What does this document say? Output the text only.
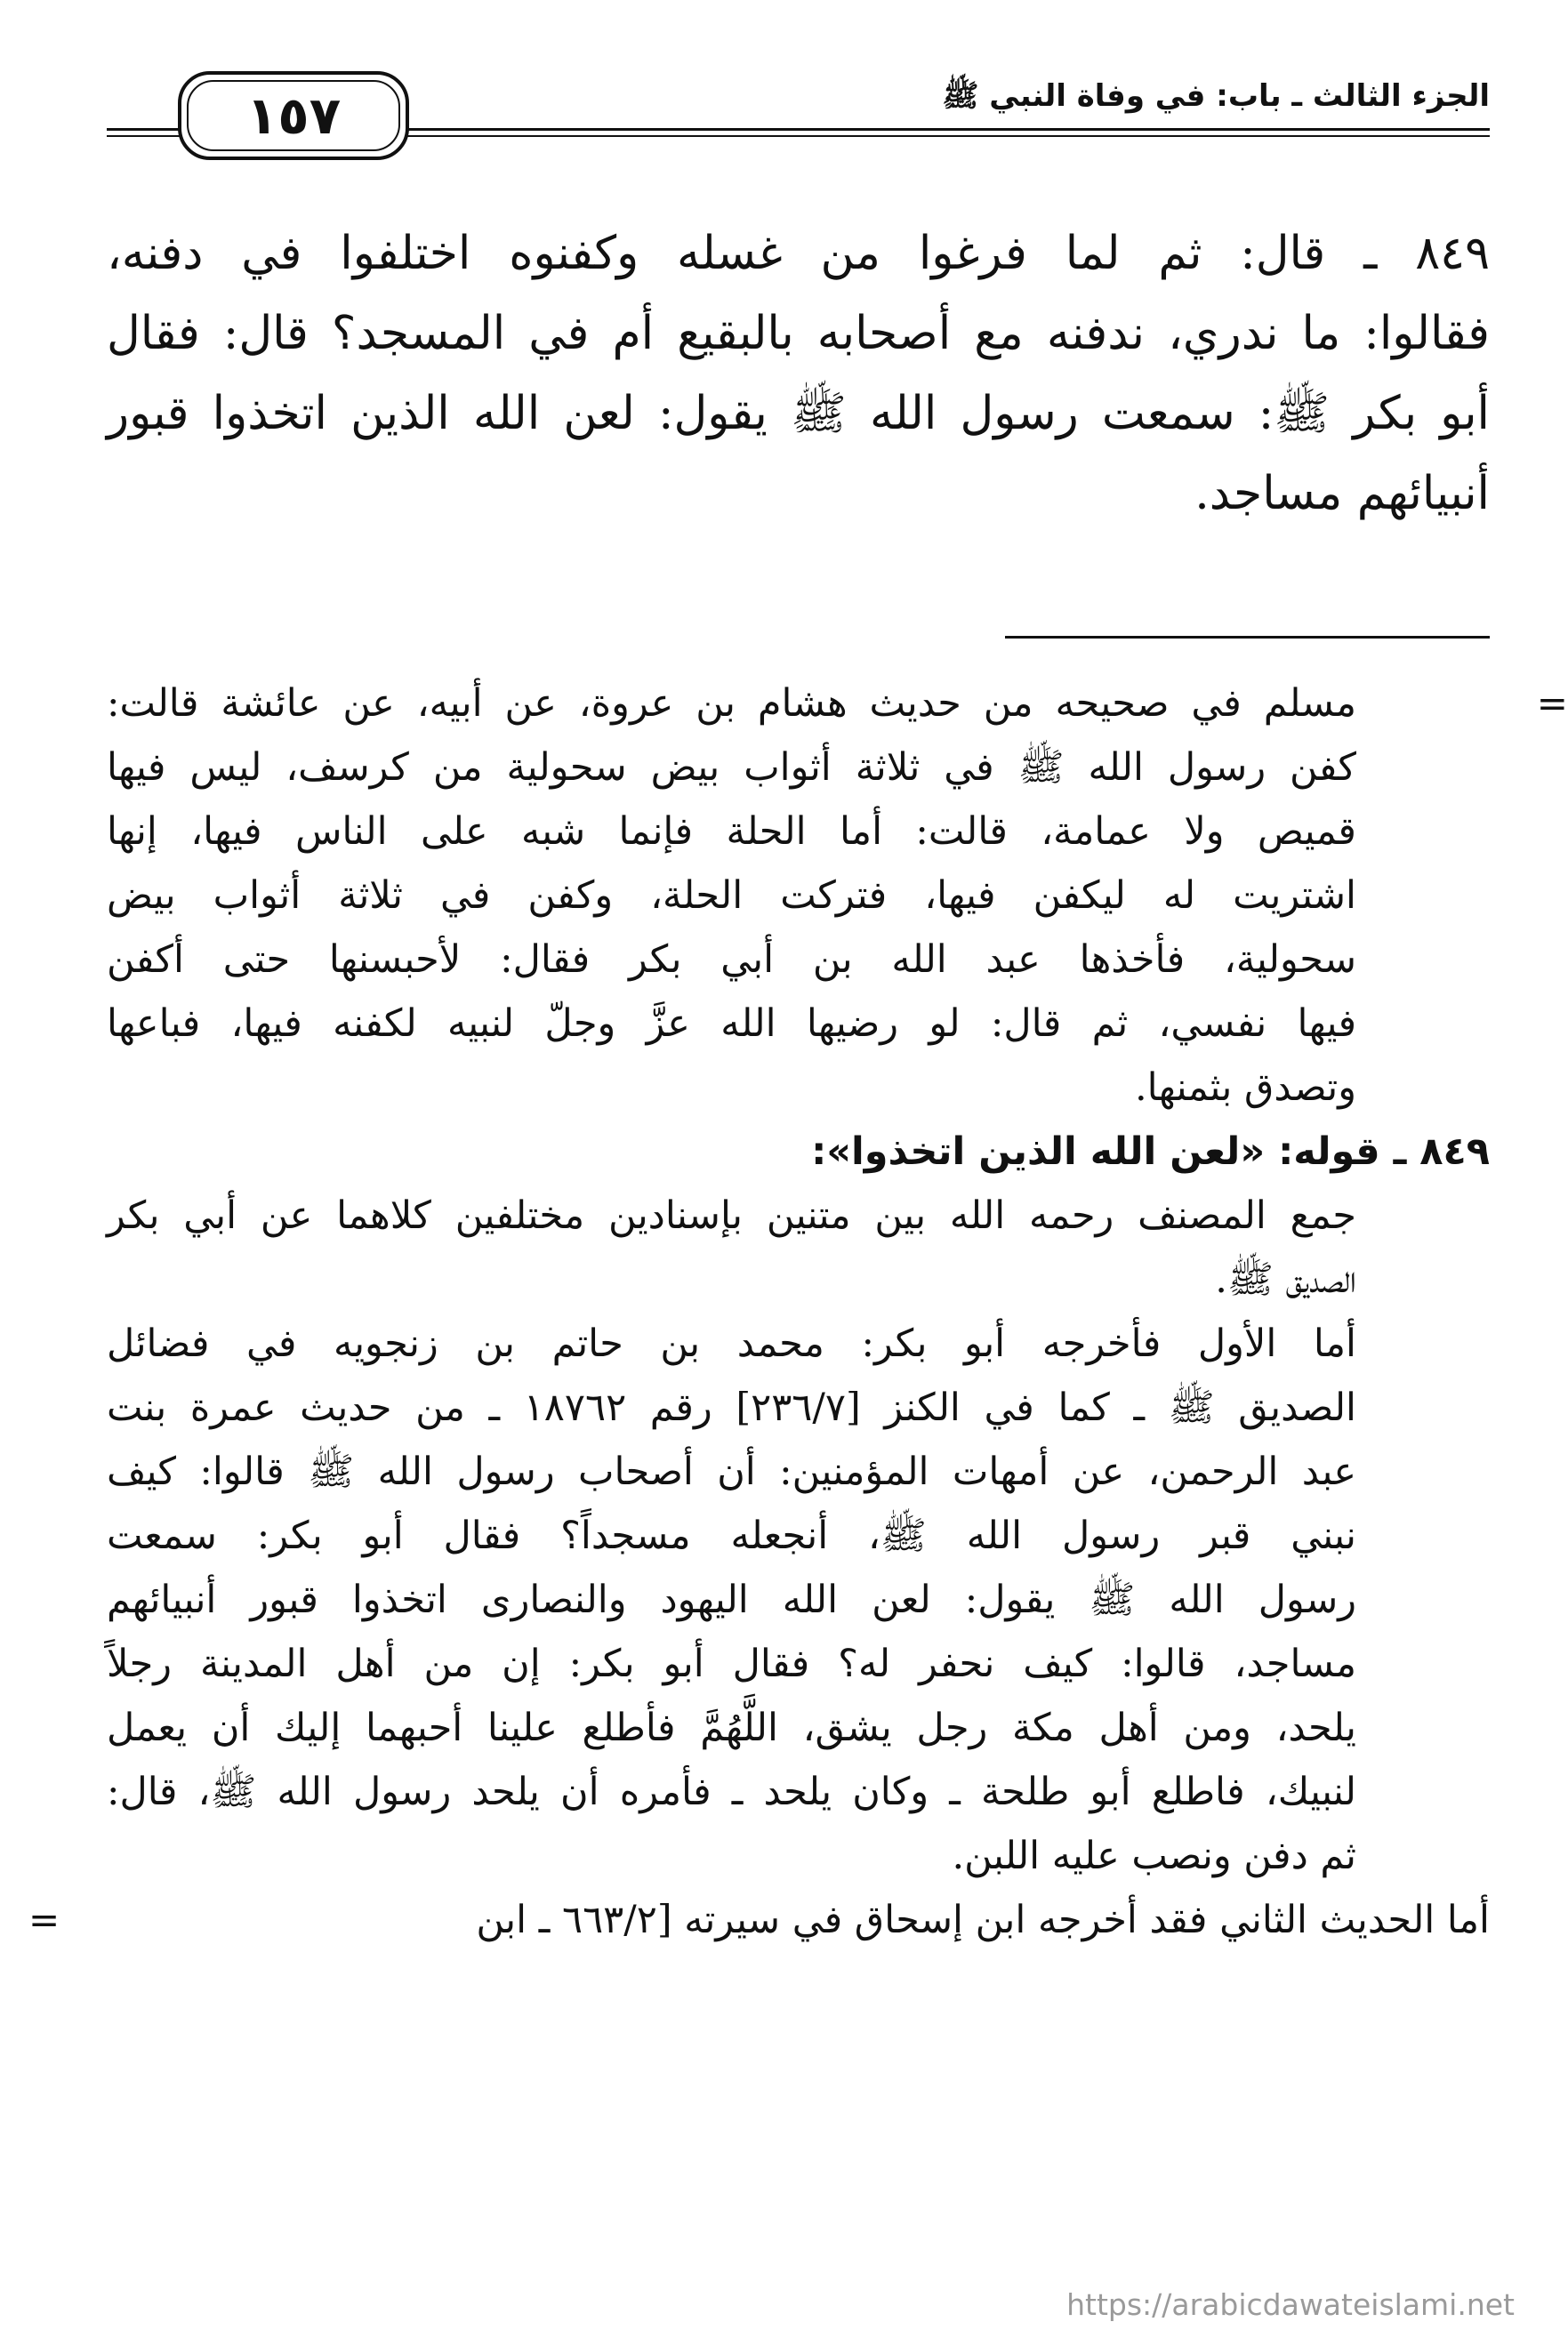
الجزء الثالث ـ باب: في وفاة النبي ﷺ
١٥٧
٨٤٩ ـ قال: ثم لما فرغوا من غسله وكفنوه اختلفوا في دفنه،
فقالوا: ما ندري، ندفنه مع أصحابه بالبقيع أم في المسجد؟ قال: فقال
أبو بكر ﷺ: سمعت رسول الله ﷺ يقول: لعن الله الذين اتخذوا قبور
أنبيائهم مساجد.
=
مسلم في صحيحه من حديث هشام بن عروة، عن أبيه، عن عائشة قالت:
كفن رسول الله ﷺ في ثلاثة أثواب بيض سحولية من كرسف، ليس فيها
قميص ولا عمامة، قالت: أما الحلة فإنما شبه على الناس فيها، إنها
اشتريت له ليكفن فيها، فتركت الحلة، وكفن في ثلاثة أثواب بيض
سحولية، فأخذها عبد الله بن أبي بكر فقال: لأحبسنها حتى أكفن
فيها نفسي، ثم قال: لو رضيها الله عزَّ وجلّ لنبيه لكفنه فيها، فباعها
وتصدق بثمنها.
٨٤٩ ـ قوله: «لعن الله الذين اتخذوا»:
جمع المصنف رحمه الله بين متنين بإسنادين مختلفين كلاهما عن أبي بكر
الصديق ﷺ.
أما الأول فأخرجه أبو بكر: محمد بن حاتم بن زنجويه في فضائل
الصديق ﷺ ـ كما في الكنز [٢٣٦/٧] رقم ١٨٧٦٢ ـ من حديث عمرة بنت
عبد الرحمن، عن أمهات المؤمنين: أن أصحاب رسول الله ﷺ قالوا: كيف
نبني قبر رسول الله ﷺ، أنجعله مسجداً؟ فقال أبو بكر: سمعت
رسول الله ﷺ يقول: لعن الله اليهود والنصارى اتخذوا قبور أنبيائهم
مساجد، قالوا: كيف نحفر له؟ فقال أبو بكر: إن من أهل المدينة رجلاً
يلحد، ومن أهل مكة رجل يشق، اللَّهُمَّ فأطلع علينا أحبهما إليك أن يعمل
لنبيك، فاطلع أبو طلحة ـ وكان يلحد ـ فأمره أن يلحد رسول الله ﷺ، قال:
ثم دفن ونصب عليه اللبن.
أما الحديث الثاني فقد أخرجه ابن إسحاق في سيرته [٦٦٣/٢ ـ ابن
=
https://arabicdawateislami.net
